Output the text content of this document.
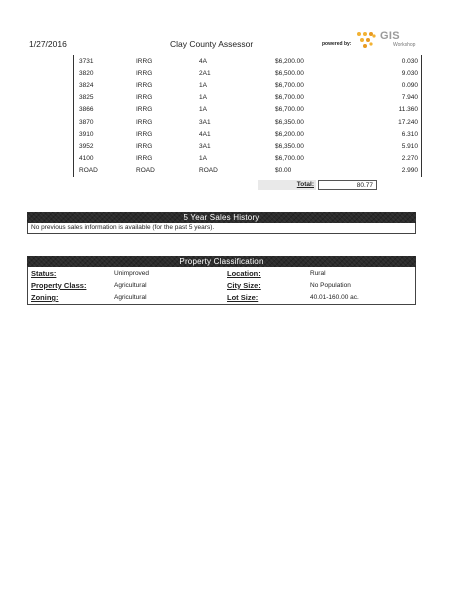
1/27/2016	Clay County Assessor	powered by:
GIS
Workshop
3731	IRRG	4A	$6,200.00	0.030
3820	IRRG	2A1	$6,500.00	9.030
3824	IRRG	1A	$6,700.00	0.090
3825	IRRG	1A	$6,700.00	7.940
3866	IRRG	1A	$6,700.00	11.360
3870	IRRG	3A1	$6,350.00	17.240
3910	IRRG	4A1	$6,200.00	6.310
3952	IRRG	3A1	$6,350.00	5.910
4100	IRRG	1A	$6,700.00	2.270
ROAD	ROAD	ROAD	$0.00	2.990
Total:	80.77
5 Year Sales History
No previous sales information is available (for the past 5 years).
Property Classification
Status:	Unimproved	Location:	Rural
Property Class:	Agricultural	City Size:	No Population
Zoning:	Agricultural	Lot Size:	40.01-160.00 ac.
